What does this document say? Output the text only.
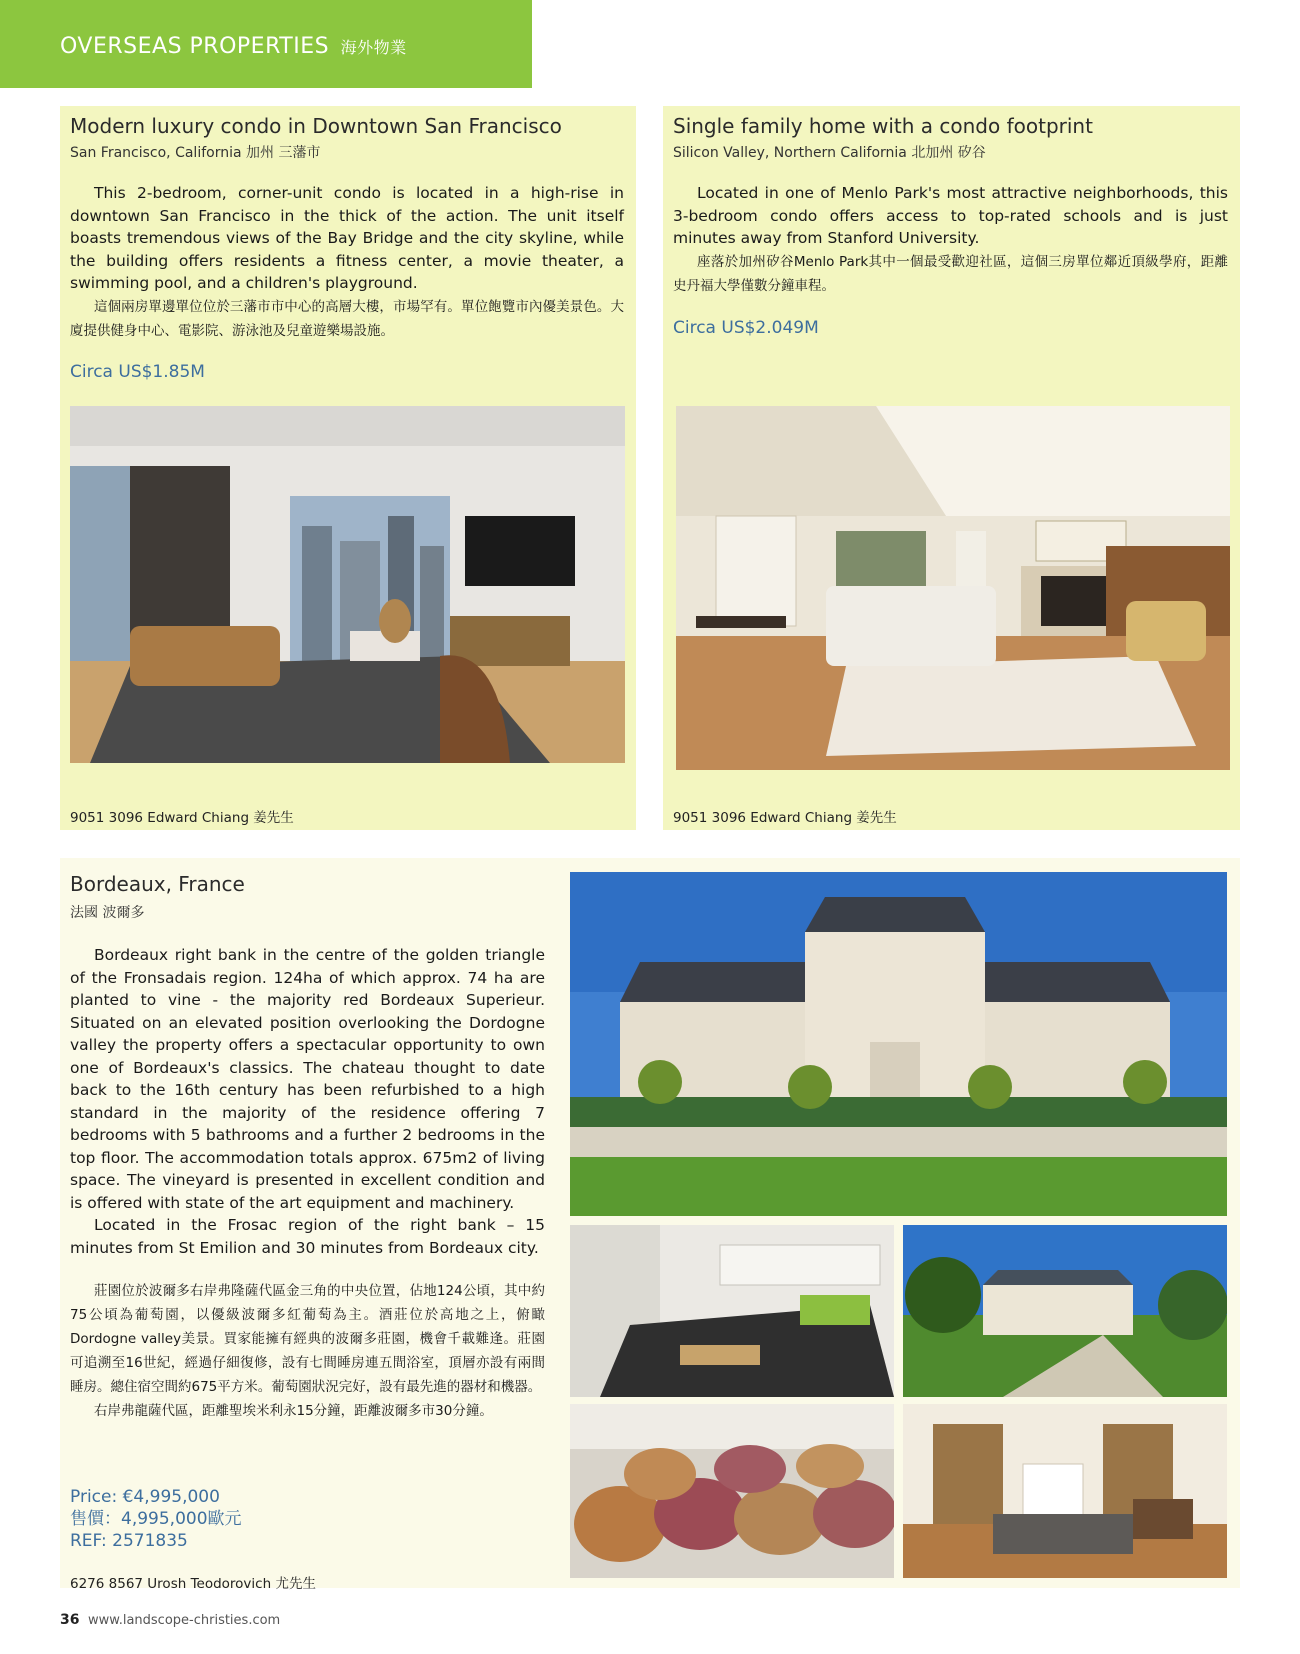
OVERSEAS PROPERTIES 海外物業
Modern luxury condo in Downtown San Francisco
San Francisco, California 加州 三藩市

This 2-bedroom, corner-unit condo is located in a high-rise in downtown San Francisco in the thick of the action. The unit itself boasts tremendous views of the Bay Bridge and the city skyline, while the building offers residents a fitness center, a movie theater, a swimming pool, and a children's playground.

這個兩房單邊單位位於三藩市市中心的高層大樓，市場罕有。單位飽覽市內優美景色。大廈提供健身中心、電影院、游泳池及兒童遊樂場設施。

Circa US$1.85M
9051 3096 Edward Chiang 姜先生
Single family home with a condo footprint
Silicon Valley, Northern California 北加州 矽谷

Located in one of Menlo Park's most attractive neighborhoods, this 3-bedroom condo offers access to top-rated schools and is just minutes away from Stanford University.

座落於加州矽谷Menlo Park其中一個最受歡迎社區，這個三房單位鄰近頂級學府，距離史丹福大學僅數分鐘車程。

Circa US$2.049M
9051 3096 Edward Chiang 姜先生
Bordeaux, France
法國 波爾多

Bordeaux right bank in the centre of the golden triangle of the Fronsadais region. 124ha of which approx. 74 ha are planted to vine - the majority red Bordeaux Superieur. Situated on an elevated position overlooking the Dordogne valley the property offers a spectacular opportunity to own one of Bordeaux's classics. The chateau thought to date back to the 16th century has been refurbished to a high standard in the majority of the residence offering 7 bedrooms with 5 bathrooms and a further 2 bedrooms in the top floor. The accommodation totals approx. 675m2 of living space. The vineyard is presented in excellent condition and is offered with state of the art equipment and machinery.

Located in the Frosac region of the right bank – 15 minutes from St Emilion and 30 minutes from Bordeaux city.

莊園位於波爾多右岸弗隆薩代區金三角的中央位置，佔地124公頃，其中約75公頃為葡萄園，以優級波爾多紅葡萄為主。酒莊位於高地之上，俯瞰Dordogne valley美景。買家能擁有經典的波爾多莊園，機會千載難逢。莊園可追溯至16世紀，經過仔細復修，設有七間睡房連五間浴室，頂層亦設有兩間睡房。總住宿空間約675平方米。葡萄園狀況完好，設有最先進的器材和機器。

右岸弗龍薩代區，距離聖埃米利永15分鐘，距離波爾多市30分鐘。

Price: €4,995,000
售價：4,995,000歐元
REF: 2571835
6276 8567 Urosh Teodorovich 尤先生
36 www.landscope-christies.com
